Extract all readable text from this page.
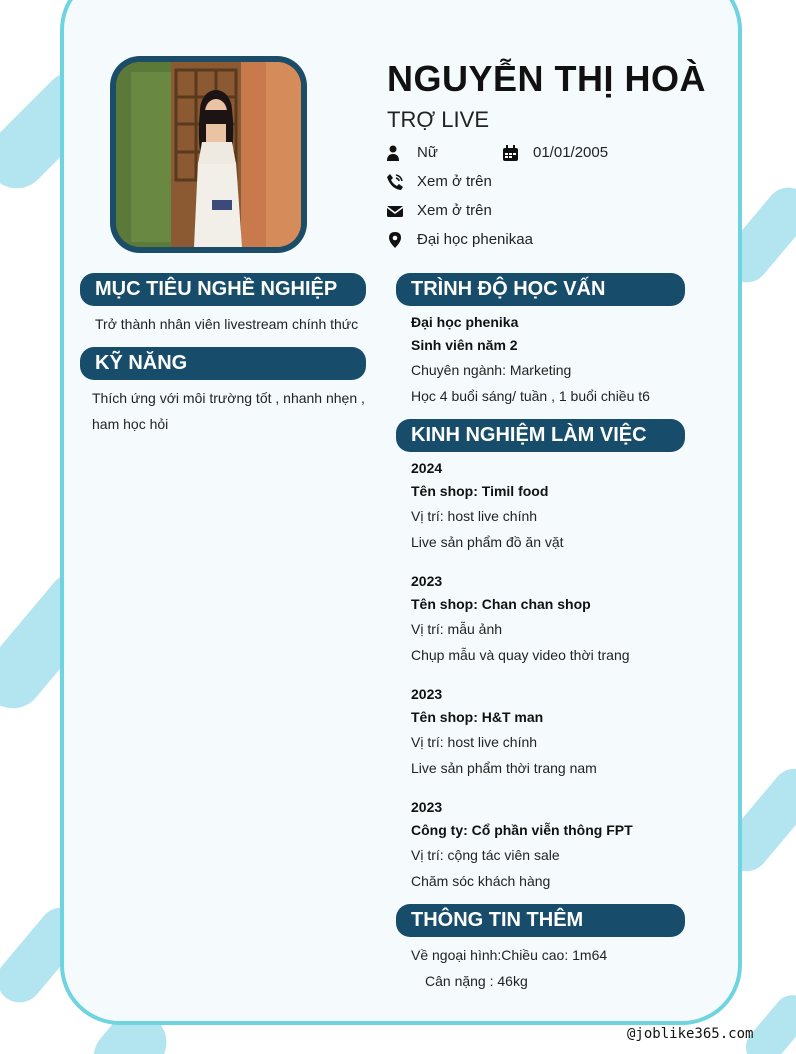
NGUYỄN THỊ HOÀ
TRỢ LIVE
Nữ	01/01/2005
Xem ở trên
Xem ở trên
Đại học phenikaa
MỤC TIÊU NGHỀ NGHIỆP
Trở thành nhân viên livestream chính thức
KỸ NĂNG
Thích ứng với môi trường tốt , nhanh nhẹn ,
ham học hỏi
TRÌNH ĐỘ HỌC VẤN
Đại học phenika
Sinh viên năm 2
Chuyên ngành: Marketing
Học 4 buổi sáng/ tuần , 1 buổi chiều t6
KINH NGHIỆM LÀM VIỆC
2024
Tên shop: Timil food
Vị trí: host live chính
Live sản phẩm đồ ăn vặt
2023
Tên shop: Chan chan shop
Vị trí: mẫu ảnh
Chụp mẫu và quay video thời trang
2023
Tên shop: H&T man
Vị trí: host live chính
Live sản phẩm thời trang nam
2023
Công ty: Cổ phần viễn thông FPT
Vị trí: cộng tác viên sale
Chăm sóc khách hàng
THÔNG TIN THÊM
Về ngoại hình:Chiều cao: 1m64
Cân nặng : 46kg
@joblike365.com
